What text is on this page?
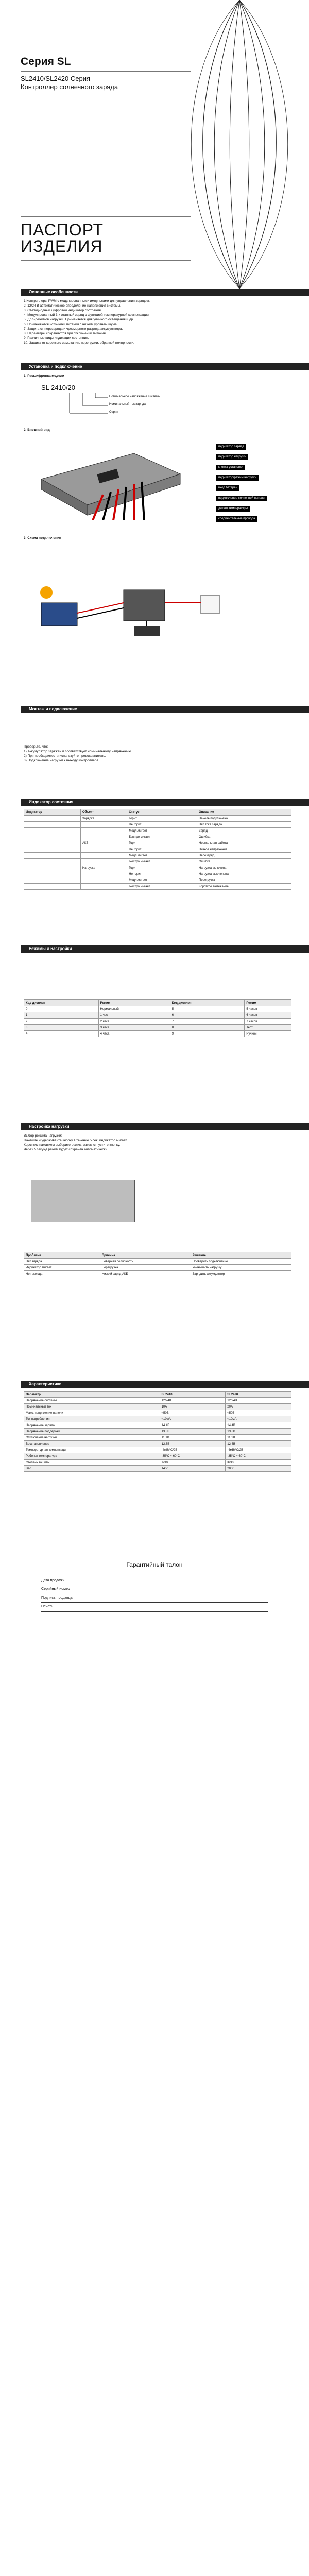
Серия SL
SL2410/SL2420 Серия Контроллер солнечного заряда
ПАСПОРТ
ИЗДЕЛИЯ
Основные особенности
1.Контроллеры PWM с модулированными импульсами для управления зарядом.
2. 12/24 В автоматическое определение напряжения системы.
3. Светодиодный цифровой индикатор состояния.
4. Модулированный 3-х этапный заряд с функцией температурной компенсации.
5. До 5 режимов нагрузки. Применяется для уличного освещения и др.
6. Применяются источники питания с низким уровнем шума.
7. Защита от перезаряда и чрезмерного разряда аккумулятора.
8. Параметры сохраняются при отключении питания.
9. Различные виды индикации состояния.
10. Защита от короткого замыкания, перегрузки, обратной полярности.
Установка и подключение
1. Расшифровка модели
SL 2410/20
Номинальное напряжение системы
Номинальный ток заряда
Серия
2. Внешний вид
индикатор заряда
индикатор нагрузки
кнопка установки
индикатор/режим нагрузки
вход батареи
подключение солнечной панели
датчик температуры
соединительные провода
3. Схема подключения
Монтаж и подключение
Проверьте, что:
1) Аккумулятор заряжен и соответствует номинальному напряжению.
2) При необходимости используйте предохранитель.
3) Подключение нагрузки к выходу контроллера.
Индикатор состояния
Индикатор	Объект	Статус	Описание
	Зарядка	Горит	Панель подключена
		Не горит	Нет тока заряда
		Медл.мигает	Заряд
		Быстро мигает	Ошибка
	АКБ	Горит	Нормальная работа
		Не горит	Низкое напряжение
		Медл.мигает	Перезаряд
		Быстро мигает	Ошибка
	Нагрузка	Горит	Нагрузка включена
		Не горит	Нагрузка выключена
		Медл.мигает	Перегрузка
		Быстро мигает	Короткое замыкание
Режимы и настройки
Код дисплея	Режим	Код дисплея	Режим
0	Нормальный	5	5 часов
1	1 час	6	6 часов
2	2 часа	7	7 часов
3	3 часа	8	Тест
4	4 часа	9	Ручной
Настройка нагрузки
Выбор режима нагрузки:
Нажмите и удерживайте кнопку в течение 5 сек, индикатор мигает.
Коротким нажатием выберите режим, затем отпустите кнопку.
Через 5 секунд режим будет сохранён автоматически.
Проблема	Причина	Решение
Нет заряда	Неверная полярность	Проверить подключение
Индикатор мигает	Перегрузка	Уменьшить нагрузку
Нет выхода	Низкий заряд АКБ	Зарядить аккумулятор
Характеристики
Параметр	SL2410	SL2420
Напряжение системы	12/24В	12/24В
Номинальный ток	10А	20А
Макс. напряжение панели	<50В	<50В
Ток потребления	<10мА	<10мА
Напряжение заряда	14.4В	14.4В
Напряжение поддержки	13.8В	13.8В
Отключение нагрузки	11.1В	11.1В
Восстановление	12.6В	12.6В
Температурная компенсация	-4мВ/°С/2В	-4мВ/°С/2В
Рабочая температура	-35°С ~ 60°С	-35°С ~ 60°С
Степень защиты	IP30	IP30
Вес	145г	200г
Гарантийный талон
Дата продажи
Серийный номер
Подпись продавца
Печать
